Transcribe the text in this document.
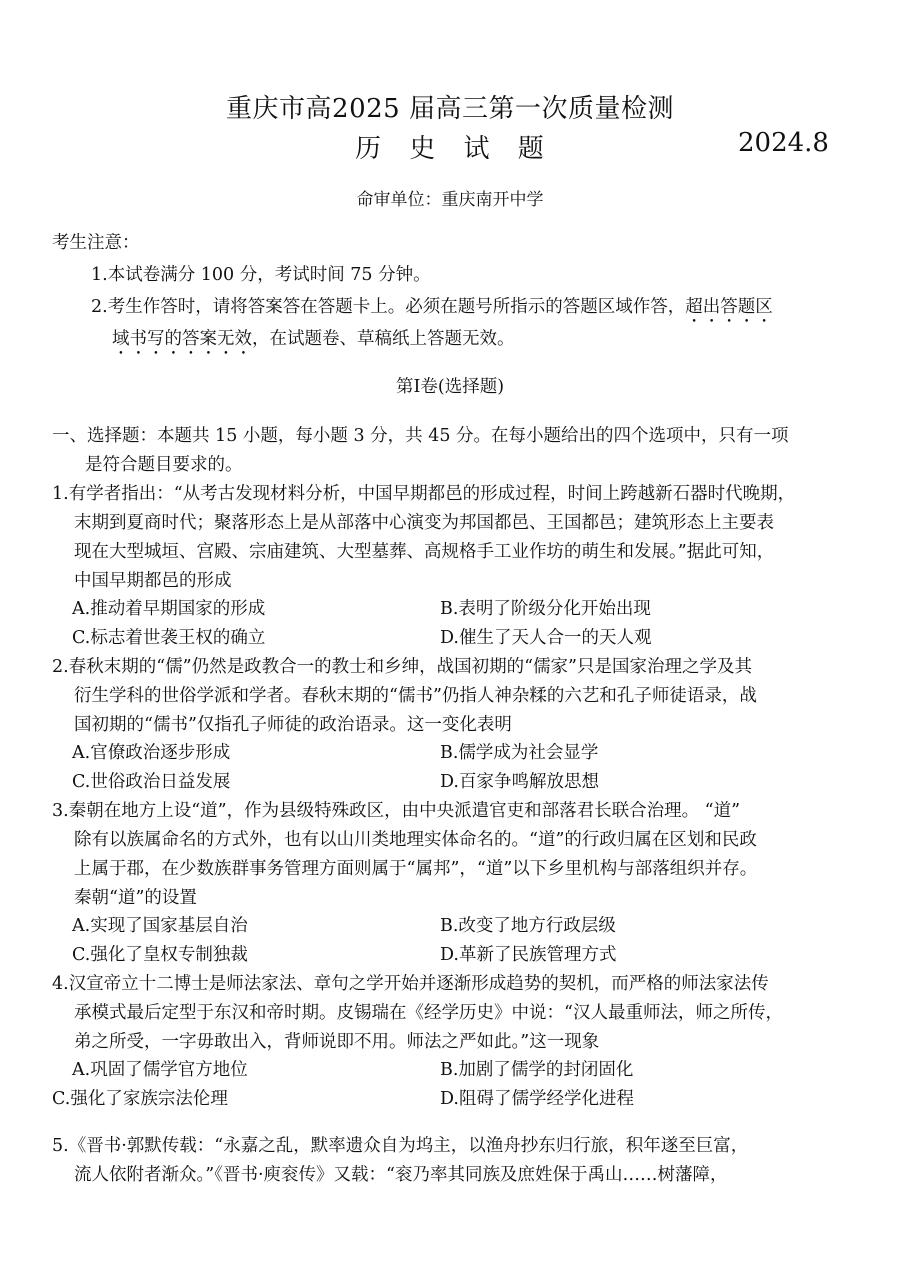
重庆市高2025 届高三第一次质量检测
历 史 试 题	2024.8
命审单位：重庆南开中学
考生注意：
1.本试卷满分 100 分，考试时间 75 分钟。
2.考生作答时，请将答案答在答题卡上。必须在题号所指示的答题区域作答，超出答题区
域书写的答案无效，在试题卷、草稿纸上答题无效。
第Ⅰ卷(选择题)
一、选择题：本题共 15 小题，每小题 3 分，共 45 分。在每小题给出的四个选项中，只有一项
是符合题目要求的。

1.有学者指出：“从考古发现材料分析，中国早期都邑的形成过程，时间上跨越新石器时代晚期，

末期到夏商时代；聚落形态上是从部落中心演变为邦国都邑、王国都邑；建筑形态上主要表

现在大型城垣、宫殿、宗庙建筑、大型墓葬、高规格手工业作坊的萌生和发展。”据此可知，

中国早期都邑的形成

A.推动着早期国家的形成	B.表明了阶级分化开始出现
C.标志着世袭王权的确立	D.催生了天人合一的天人观

2.春秋末期的“儒”仍然是政教合一的教士和乡绅，战国初期的“儒家”只是国家治理之学及其

衍生学科的世俗学派和学者。春秋末期的“儒书”仍指人神杂糅的六艺和孔子师徒语录，战

国初期的“儒书”仅指孔子师徒的政治语录。这一变化表明

A.官僚政治逐步形成	B.儒学成为社会显学
C.世俗政治日益发展	D.百家争鸣解放思想

3.秦朝在地方上设“道”，作为县级特殊政区，由中央派遣官吏和部落君长联合治理。 “道”

除有以族属命名的方式外，也有以山川类地理实体命名的。“道”的行政归属在区划和民政

上属于郡，在少数族群事务管理方面则属于“属邦”，“道”以下乡里机构与部落组织并存。

秦朝“道”的设置

A.实现了国家基层自治	B.改变了地方行政层级
C.强化了皇权专制独裁	D.革新了民族管理方式

4.汉宣帝立十二博士是师法家法、章句之学开始并逐渐形成趋势的契机，而严格的师法家法传

承模式最后定型于东汉和帝时期。皮锡瑞在《经学历史》中说：“汉人最重师法，师之所传，

弟之所受，一字毋敢出入，背师说即不用。师法之严如此。”这一现象

A.巩固了儒学官方地位	B.加剧了儒学的封闭固化
C.强化了家族宗法伦理	D.阻碍了儒学经学化进程

5.《晋书·郭默传载：“永嘉之乱，默率遗众自为坞主，以渔舟抄东归行旅，积年遂至巨富，

流人依附者渐众。”《晋书·庾衮传》又载：“衮乃率其同族及庶姓保于禹山……树藩障，
